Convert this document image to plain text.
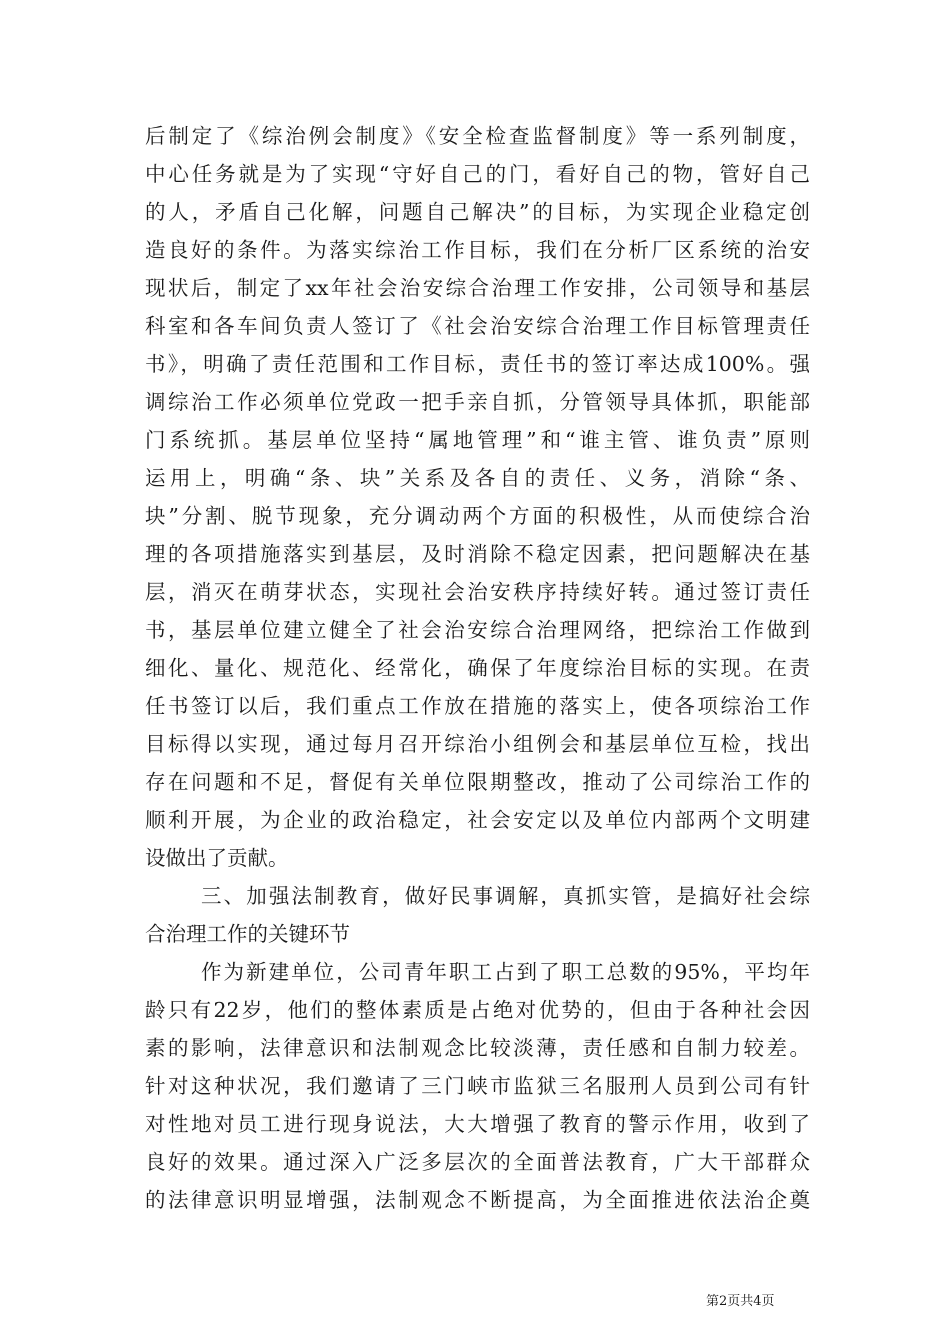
后制定了《综治例会制度》《安全检查监督制度》等一系列制度，
中心任务就是为了实现“守好自己的门，看好自己的物，管好自己
的人，矛盾自己化解，问题自己解决”的目标，为实现企业稳定创
造良好的条件。为落实综治工作目标，我们在分析厂区系统的治安
现状后，制定了xx年社会治安综合治理工作安排，公司领导和基层
科室和各车间负责人签订了《社会治安综合治理工作目标管理责任
书》，明确了责任范围和工作目标，责任书的签订率达成100%。强
调综治工作必须单位党政一把手亲自抓，分管领导具体抓，职能部
门系统抓。基层单位坚持“属地管理”和“谁主管、谁负责”原则
运用上，明确“条、块”关系及各自的责任、义务，消除“条、
块”分割、脱节现象，充分调动两个方面的积极性，从而使综合治
理的各项措施落实到基层，及时消除不稳定因素，把问题解决在基
层，消灭在萌芽状态，实现社会治安秩序持续好转。通过签订责任
书，基层单位建立健全了社会治安综合治理网络，把综治工作做到
细化、量化、规范化、经常化，确保了年度综治目标的实现。在责
任书签订以后，我们重点工作放在措施的落实上，使各项综治工作
目标得以实现，通过每月召开综治小组例会和基层单位互检，找出
存在问题和不足，督促有关单位限期整改，推动了公司综治工作的
顺利开展，为企业的政治稳定，社会安定以及单位内部两个文明建
设做出了贡献。
三、加强法制教育，做好民事调解，真抓实管，是搞好社会综
合治理工作的关键环节
作为新建单位，公司青年职工占到了职工总数的95%，平均年
龄只有22岁，他们的整体素质是占绝对优势的，但由于各种社会因
素的影响，法律意识和法制观念比较淡薄，责任感和自制力较差。
针对这种状况，我们邀请了三门峡市监狱三名服刑人员到公司有针
对性地对员工进行现身说法，大大增强了教育的警示作用，收到了
良好的效果。通过深入广泛多层次的全面普法教育，广大干部群众
的法律意识明显增强，法制观念不断提高，为全面推进依法治企奠
第2页共4页
